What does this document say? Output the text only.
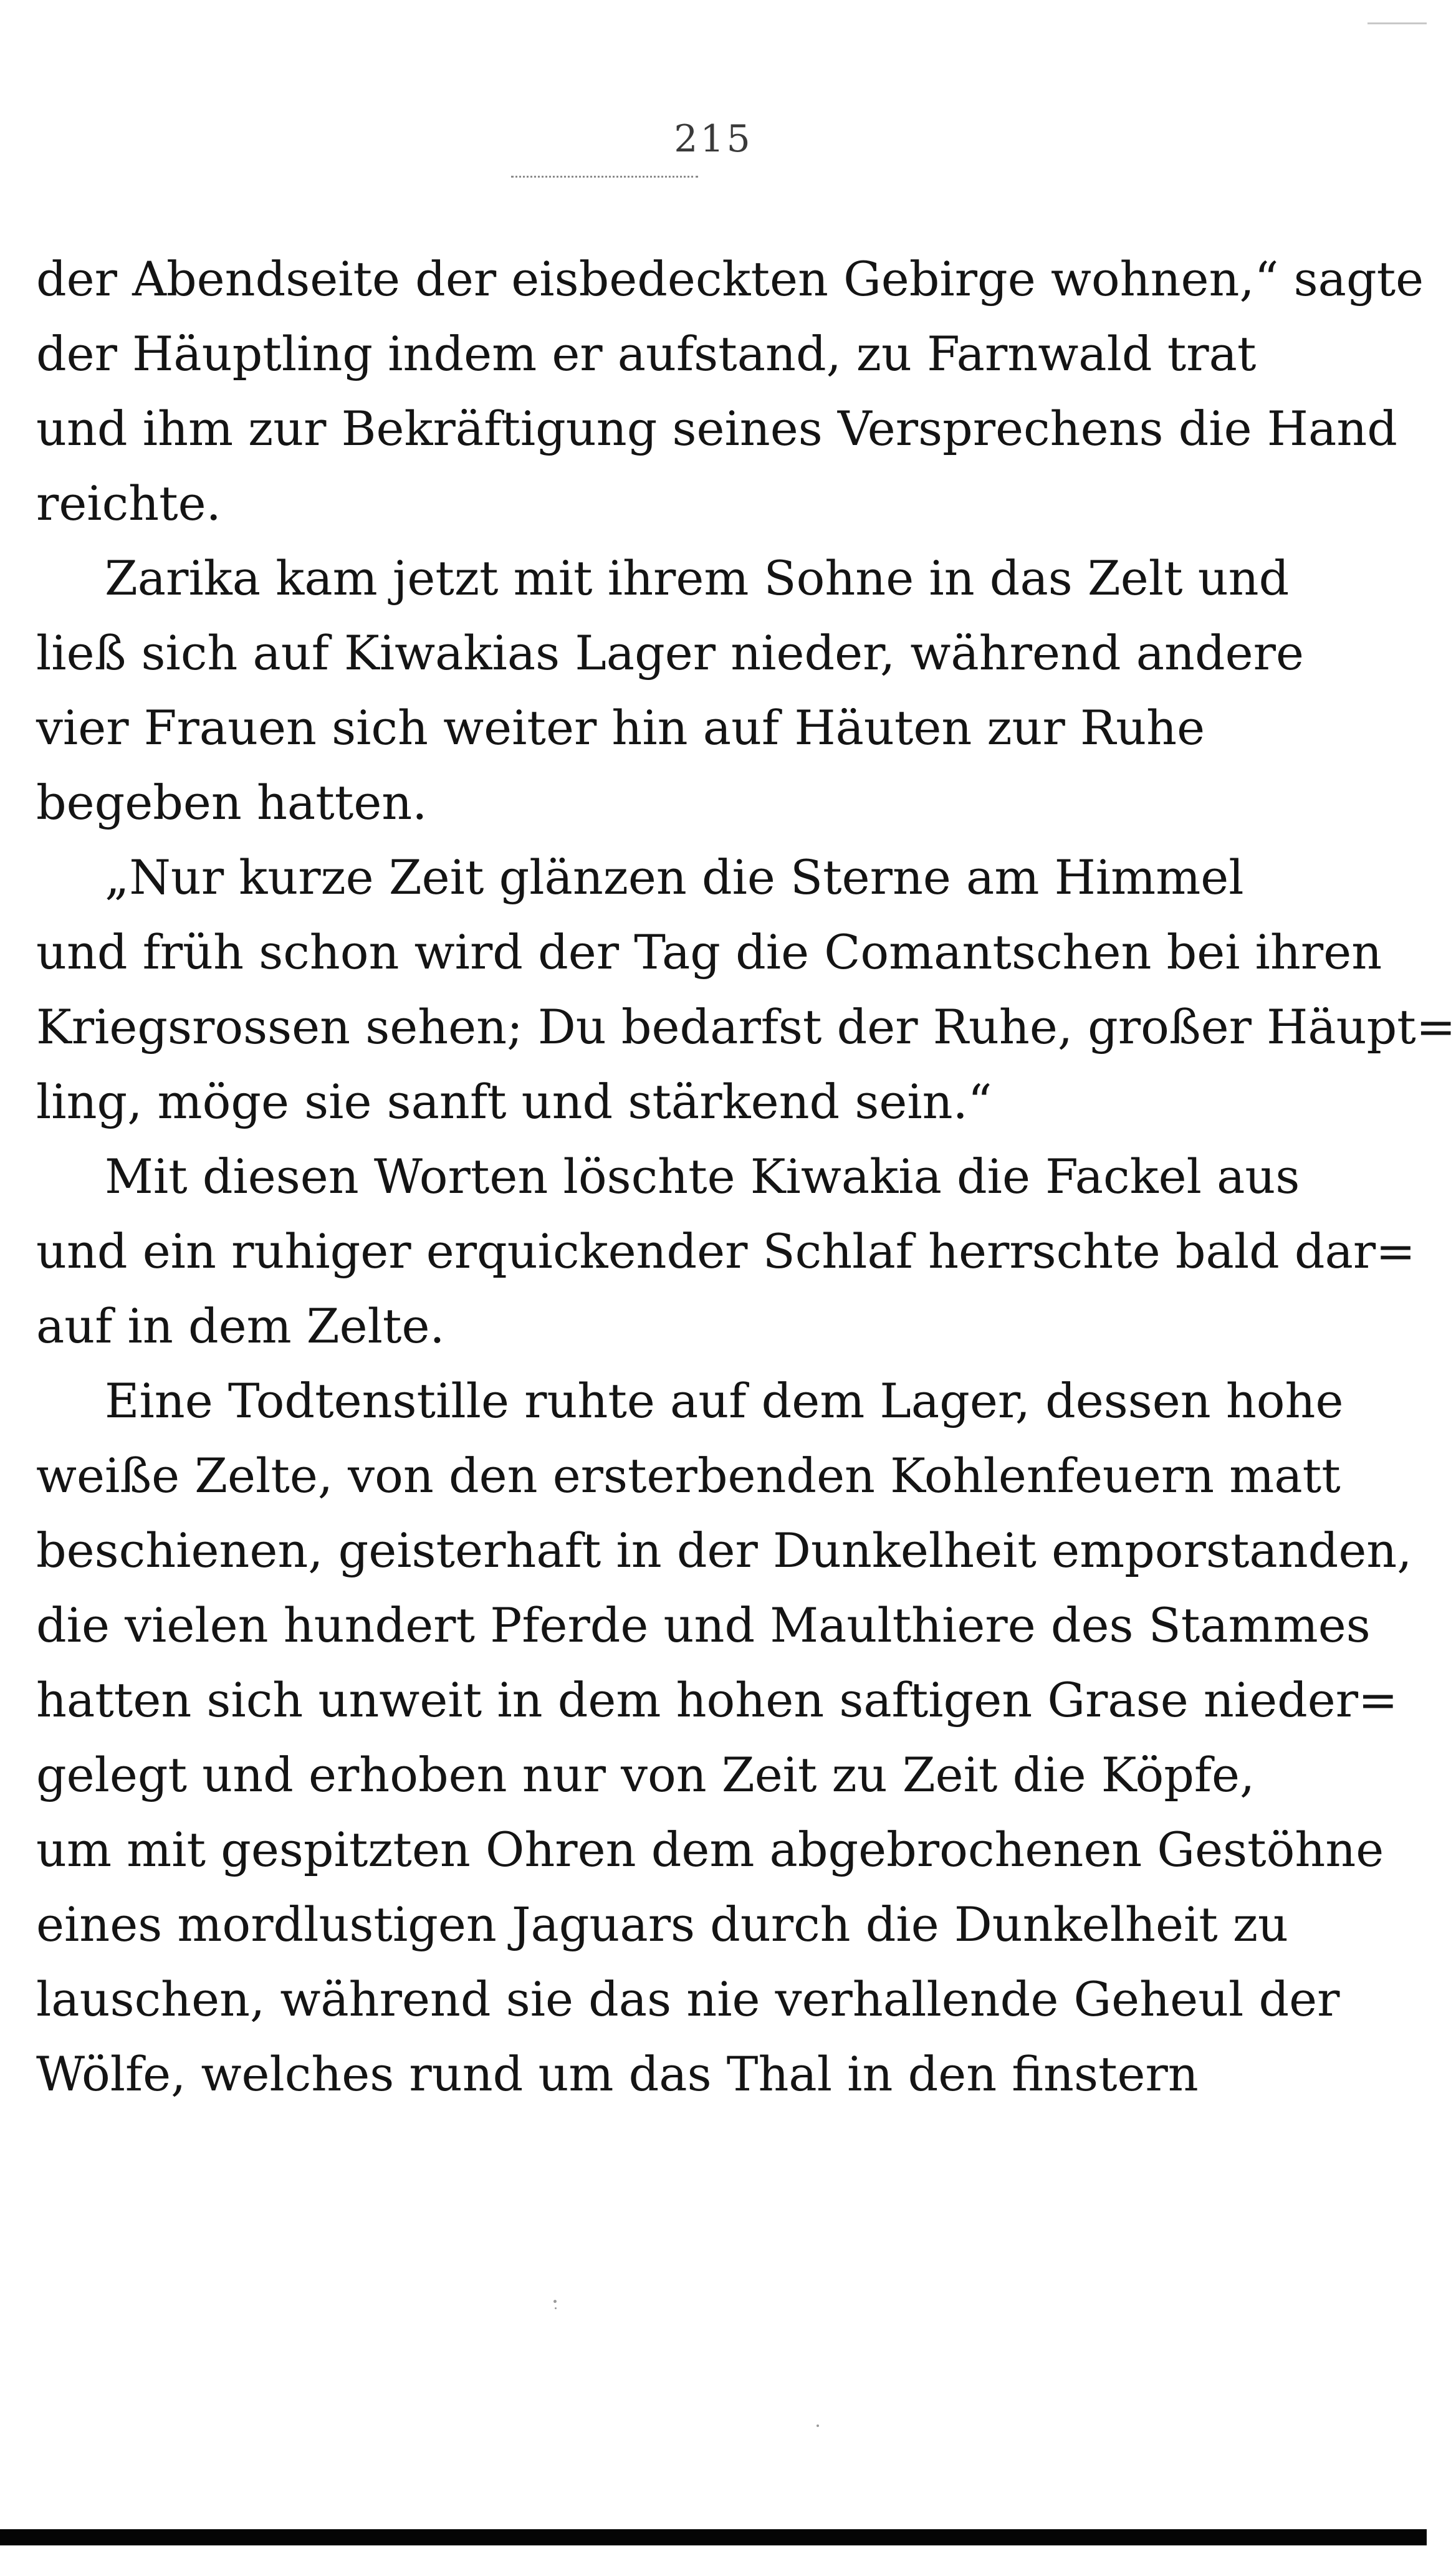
215
der Abendseite der eisbedeckten Gebirge wohnen,“ sagte
der Häuptling indem er aufstand, zu Farnwald trat
und ihm zur Bekräftigung seines Versprechens die Hand
reichte.
Zarika kam jetzt mit ihrem Sohne in das Zelt und
ließ sich auf Kiwakias Lager nieder, während andere
vier Frauen sich weiter hin auf Häuten zur Ruhe
begeben hatten.
„Nur kurze Zeit glänzen die Sterne am Himmel
und früh schon wird der Tag die Comantschen bei ihren
Kriegsrossen sehen; Du bedarfst der Ruhe, großer Häupt=
ling, möge sie sanft und stärkend sein.“
Mit diesen Worten löschte Kiwakia die Fackel aus
und ein ruhiger erquickender Schlaf herrschte bald dar=
auf in dem Zelte.
Eine Todtenstille ruhte auf dem Lager, dessen hohe
weiße Zelte, von den ersterbenden Kohlenfeuern matt
beschienen, geisterhaft in der Dunkelheit emporstanden,
die vielen hundert Pferde und Maulthiere des Stammes
hatten sich unweit in dem hohen saftigen Grase nieder=
gelegt und erhoben nur von Zeit zu Zeit die Köpfe,
um mit gespitzten Ohren dem abgebrochenen Gestöhne
eines mordlustigen Jaguars durch die Dunkelheit zu
lauschen, während sie das nie verhallende Geheul der
Wölfe, welches rund um das Thal in den finstern
